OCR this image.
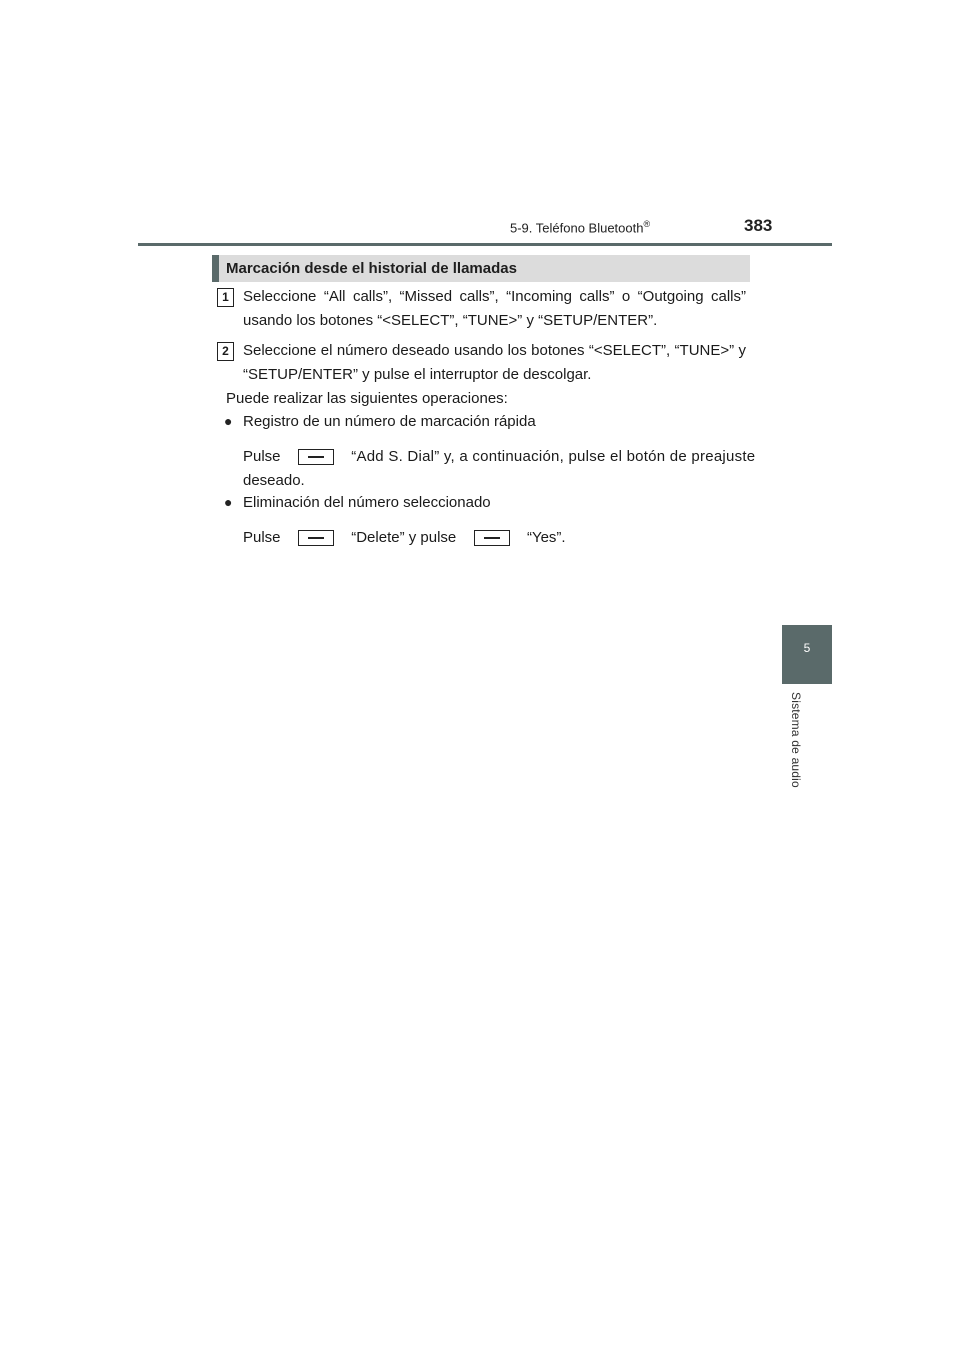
5-9. Teléfono Bluetooth®	383
5
Sistema de audio
Marcación desde el historial de llamadas
1 Seleccione “All calls”, “Missed calls”, “Incoming calls” o “Outgoing calls” usando los botones “<SELECT”, “TUNE>” y “SETUP/ENTER”.

2 Seleccione el número deseado usando los botones “<SELECT”, “TUNE>” y “SETUP/ENTER” y pulse el interruptor de descolgar.

Puede realizar las siguientes operaciones:

● Registro de un número de marcación rápida

Pulse	“Add S. Dial” y, a continuación, pulse el botón de preajuste

deseado.

● Eliminación del número seleccionado

Pulse	“Delete” y pulse	“Yes”.
